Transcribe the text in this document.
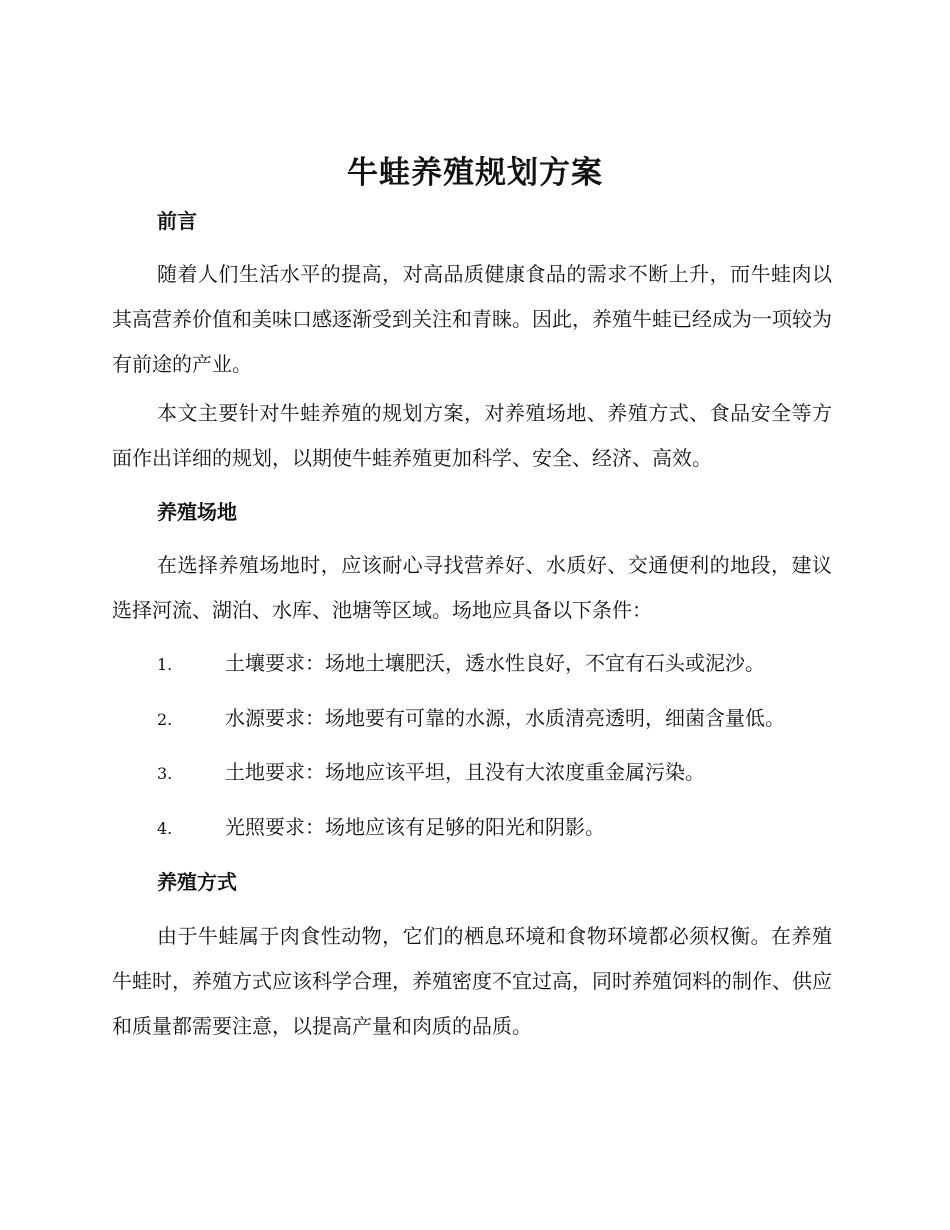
牛蛙养殖规划方案
前言

随着人们生活水平的提高，对高品质健康食品的需求不断上升，而牛蛙肉以其高营养价值和美味口感逐渐受到关注和青睐。因此，养殖牛蛙已经成为一项较为有前途的产业。

本文主要针对牛蛙养殖的规划方案，对养殖场地、养殖方式、食品安全等方面作出详细的规划，以期使牛蛙养殖更加科学、安全、经济、高效。

养殖场地

在选择养殖场地时，应该耐心寻找营养好、水质好、交通便利的地段，建议选择河流、湖泊、水库、池塘等区域。场地应具备以下条件：

1.	土壤要求：场地土壤肥沃，透水性良好，不宜有石头或泥沙。
2.	水源要求：场地要有可靠的水源，水质清亮透明，细菌含量低。
3.	土地要求：场地应该平坦，且没有大浓度重金属污染。
4.	光照要求：场地应该有足够的阳光和阴影。
养殖方式

由于牛蛙属于肉食性动物，它们的栖息环境和食物环境都必须权衡。在养殖牛蛙时，养殖方式应该科学合理，养殖密度不宜过高，同时养殖饲料的制作、供应和质量都需要注意，以提高产量和肉质的品质。
